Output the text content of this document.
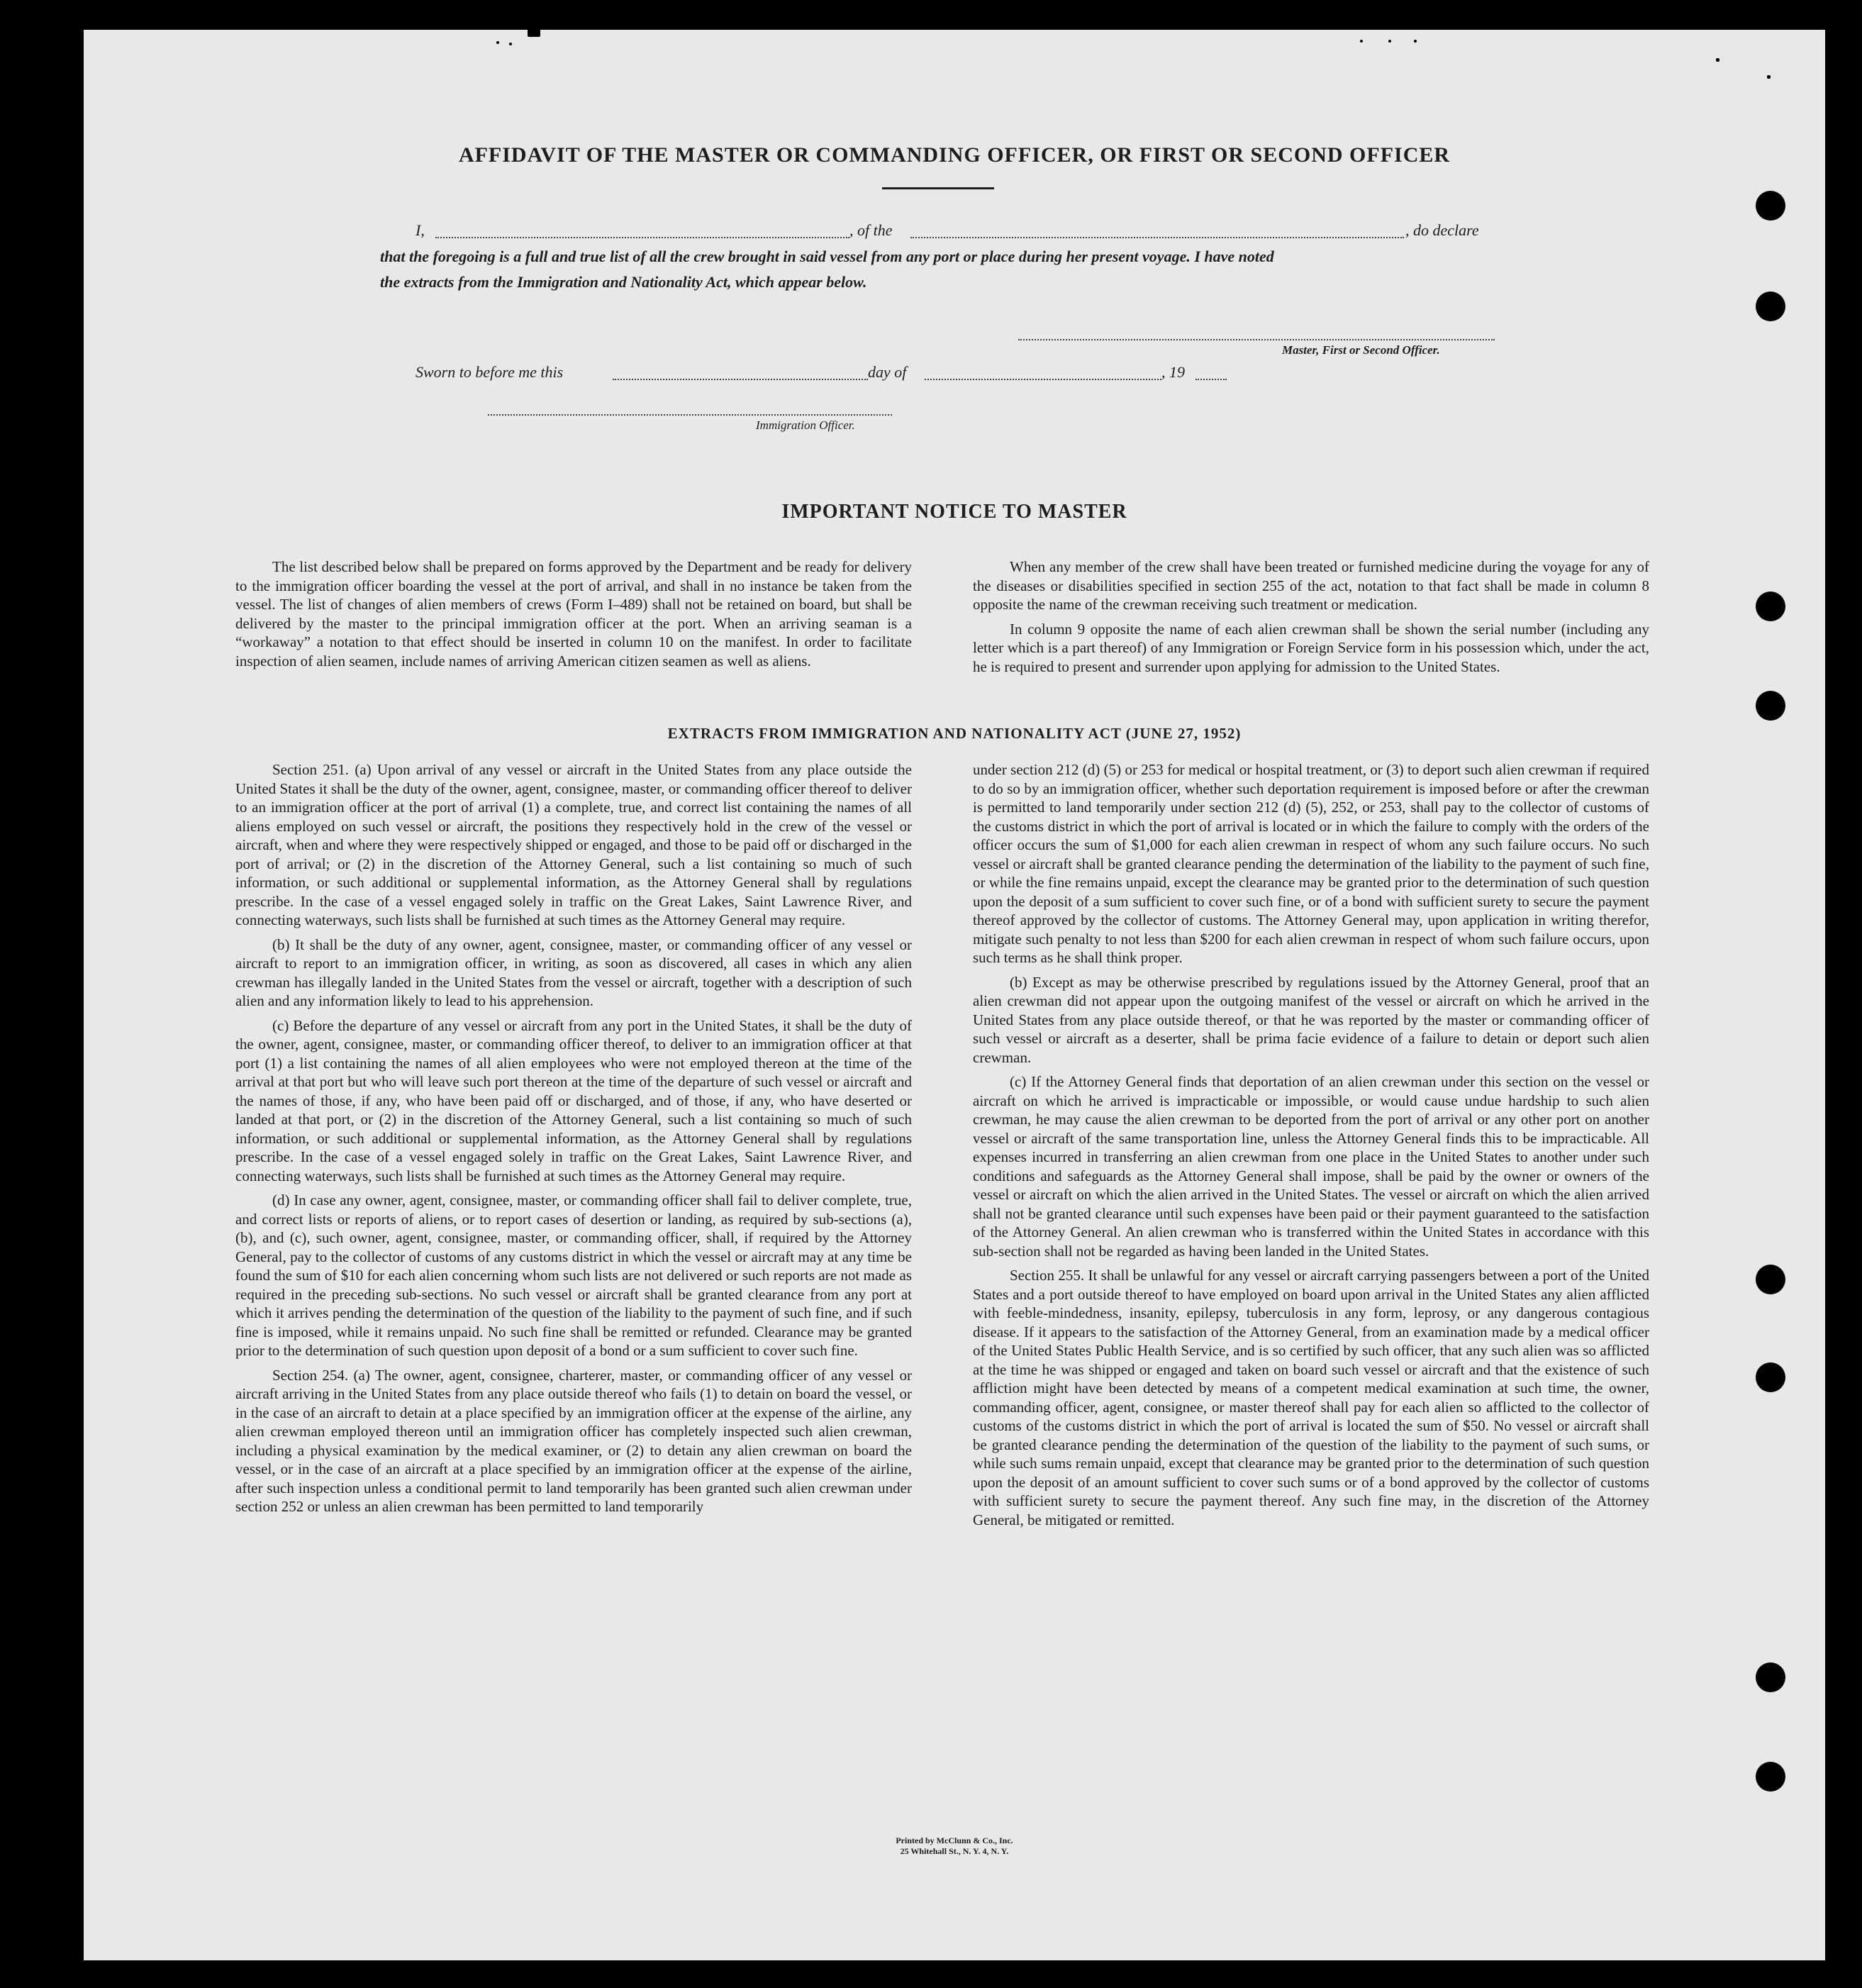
AFFIDAVIT OF THE MASTER OR COMMANDING OFFICER, OR FIRST OR SECOND OFFICER
I,	, of the	, do declare
that the foregoing is a full and true list of all the crew brought in said vessel from any port or place during her present voyage. I have noted
the extracts from the Immigration and Nationality Act, which appear below.
Master, First or Second Officer.
Sworn to before me this	day of	, 19
Immigration Officer.
IMPORTANT NOTICE TO MASTER

The list described below shall be prepared on forms approved by the Department and be ready for delivery to the immigration officer boarding the vessel at the port of arrival, and shall in no instance be taken from the vessel. The list of changes of alien members of crews (Form I–489) shall not be retained on board, but shall be delivered by the master to the principal immigration officer at the port. When an arriving seaman is a “workaway” a notation to that effect should be inserted in column 10 on the manifest. In order to facilitate inspection of alien seamen, include names of arriving American citizen seamen as well as aliens.

When any member of the crew shall have been treated or furnished medicine during the voyage for any of the diseases or disabilities specified in section 255 of the act, notation to that fact shall be made in column 8 opposite the name of the crewman receiving such treatment or medication.

In column 9 opposite the name of each alien crewman shall be shown the serial number (including any letter which is a part thereof) of any Immigration or Foreign Service form in his possession which, under the act, he is required to present and surrender upon applying for admission to the United States.

EXTRACTS FROM IMMIGRATION AND NATIONALITY ACT (JUNE 27, 1952)

Section 251. (a) Upon arrival of any vessel or aircraft in the United States from any place outside the United States it shall be the duty of the owner, agent, consignee, master, or commanding officer thereof to deliver to an immigration officer at the port of arrival (1) a complete, true, and correct list containing the names of all aliens employed on such vessel or aircraft, the positions they respectively hold in the crew of the vessel or aircraft, when and where they were respectively shipped or engaged, and those to be paid off or discharged in the port of arrival; or (2) in the discretion of the Attorney General, such a list containing so much of such information, or such additional or supplemental information, as the Attorney General shall by regulations prescribe. In the case of a vessel engaged solely in traffic on the Great Lakes, Saint Lawrence River, and connecting waterways, such lists shall be furnished at such times as the Attorney General may require.

(b) It shall be the duty of any owner, agent, consignee, master, or commanding officer of any vessel or aircraft to report to an immigration officer, in writing, as soon as discovered, all cases in which any alien crewman has illegally landed in the United States from the vessel or aircraft, together with a description of such alien and any information likely to lead to his apprehension.

(c) Before the departure of any vessel or aircraft from any port in the United States, it shall be the duty of the owner, agent, consignee, master, or commanding officer thereof, to deliver to an immigration officer at that port (1) a list containing the names of all alien employees who were not employed thereon at the time of the arrival at that port but who will leave such port thereon at the time of the departure of such vessel or aircraft and the names of those, if any, who have been paid off or discharged, and of those, if any, who have deserted or landed at that port, or (2) in the discretion of the Attorney General, such a list containing so much of such information, or such additional or supplemental information, as the Attorney General shall by regulations prescribe. In the case of a vessel engaged solely in traffic on the Great Lakes, Saint Lawrence River, and connecting waterways, such lists shall be furnished at such times as the Attorney General may require.

(d) In case any owner, agent, consignee, master, or commanding officer shall fail to deliver complete, true, and correct lists or reports of aliens, or to report cases of desertion or landing, as required by sub-sections (a), (b), and (c), such owner, agent, consignee, master, or commanding officer, shall, if required by the Attorney General, pay to the collector of customs of any customs district in which the vessel or aircraft may at any time be found the sum of $10 for each alien concerning whom such lists are not delivered or such reports are not made as required in the preceding sub-sections. No such vessel or aircraft shall be granted clearance from any port at which it arrives pending the determination of the question of the liability to the payment of such fine, and if such fine is imposed, while it remains unpaid. No such fine shall be remitted or refunded. Clearance may be granted prior to the determination of such question upon deposit of a bond or a sum sufficient to cover such fine.

Section 254. (a) The owner, agent, consignee, charterer, master, or commanding officer of any vessel or aircraft arriving in the United States from any place outside thereof who fails (1) to detain on board the vessel, or in the case of an aircraft to detain at a place specified by an immigration officer at the expense of the airline, any alien crewman employed thereon until an immigration officer has completely inspected such alien crewman, including a physical examination by the medical examiner, or (2) to detain any alien crewman on board the vessel, or in the case of an aircraft at a place specified by an immigration officer at the expense of the airline, after such inspection unless a conditional permit to land temporarily has been granted such alien crewman under section 252 or unless an alien crewman has been permitted to land temporarily

under section 212 (d) (5) or 253 for medical or hospital treatment, or (3) to deport such alien crewman if required to do so by an immigration officer, whether such deportation requirement is imposed before or after the crewman is permitted to land temporarily under section 212 (d) (5), 252, or 253, shall pay to the collector of customs of the customs district in which the port of arrival is located or in which the failure to comply with the orders of the officer occurs the sum of $1,000 for each alien crewman in respect of whom any such failure occurs. No such vessel or aircraft shall be granted clearance pending the determination of the liability to the payment of such fine, or while the fine remains unpaid, except the clearance may be granted prior to the determination of such question upon the deposit of a sum sufficient to cover such fine, or of a bond with sufficient surety to secure the payment thereof approved by the collector of customs. The Attorney General may, upon application in writing therefor, mitigate such penalty to not less than $200 for each alien crewman in respect of whom such failure occurs, upon such terms as he shall think proper.

(b) Except as may be otherwise prescribed by regulations issued by the Attorney General, proof that an alien crewman did not appear upon the outgoing manifest of the vessel or aircraft on which he arrived in the United States from any place outside thereof, or that he was reported by the master or commanding officer of such vessel or aircraft as a deserter, shall be prima facie evidence of a failure to detain or deport such alien crewman.

(c) If the Attorney General finds that deportation of an alien crewman under this section on the vessel or aircraft on which he arrived is impracticable or impossible, or would cause undue hardship to such alien crewman, he may cause the alien crewman to be deported from the port of arrival or any other port on another vessel or aircraft of the same transportation line, unless the Attorney General finds this to be impracticable. All expenses incurred in transferring an alien crewman from one place in the United States to another under such conditions and safeguards as the Attorney General shall impose, shall be paid by the owner or owners of the vessel or aircraft on which the alien arrived in the United States. The vessel or aircraft on which the alien arrived shall not be granted clearance until such expenses have been paid or their payment guaranteed to the satisfaction of the Attorney General. An alien crewman who is transferred within the United States in accordance with this sub-section shall not be regarded as having been landed in the United States.

Section 255. It shall be unlawful for any vessel or aircraft carrying passengers between a port of the United States and a port outside thereof to have employed on board upon arrival in the United States any alien afflicted with feeble-mindedness, insanity, epilepsy, tuberculosis in any form, leprosy, or any dangerous contagious disease. If it appears to the satisfaction of the Attorney General, from an examination made by a medical officer of the United States Public Health Service, and is so certified by such officer, that any such alien was so afflicted at the time he was shipped or engaged and taken on board such vessel or aircraft and that the existence of such affliction might have been detected by means of a competent medical examination at such time, the owner, commanding officer, agent, consignee, or master thereof shall pay for each alien so afflicted to the collector of customs of the customs district in which the port of arrival is located the sum of $50. No vessel or aircraft shall be granted clearance pending the determination of the question of the liability to the payment of such sums, or while such sums remain unpaid, except that clearance may be granted prior to the determination of such question upon the deposit of an amount sufficient to cover such sums or of a bond approved by the collector of customs with sufficient surety to secure the payment thereof. Any such fine may, in the discretion of the Attorney General, be mitigated or remitted.

Printed by McClunn & Co., Inc.
25 Whitehall St., N. Y. 4, N. Y.
